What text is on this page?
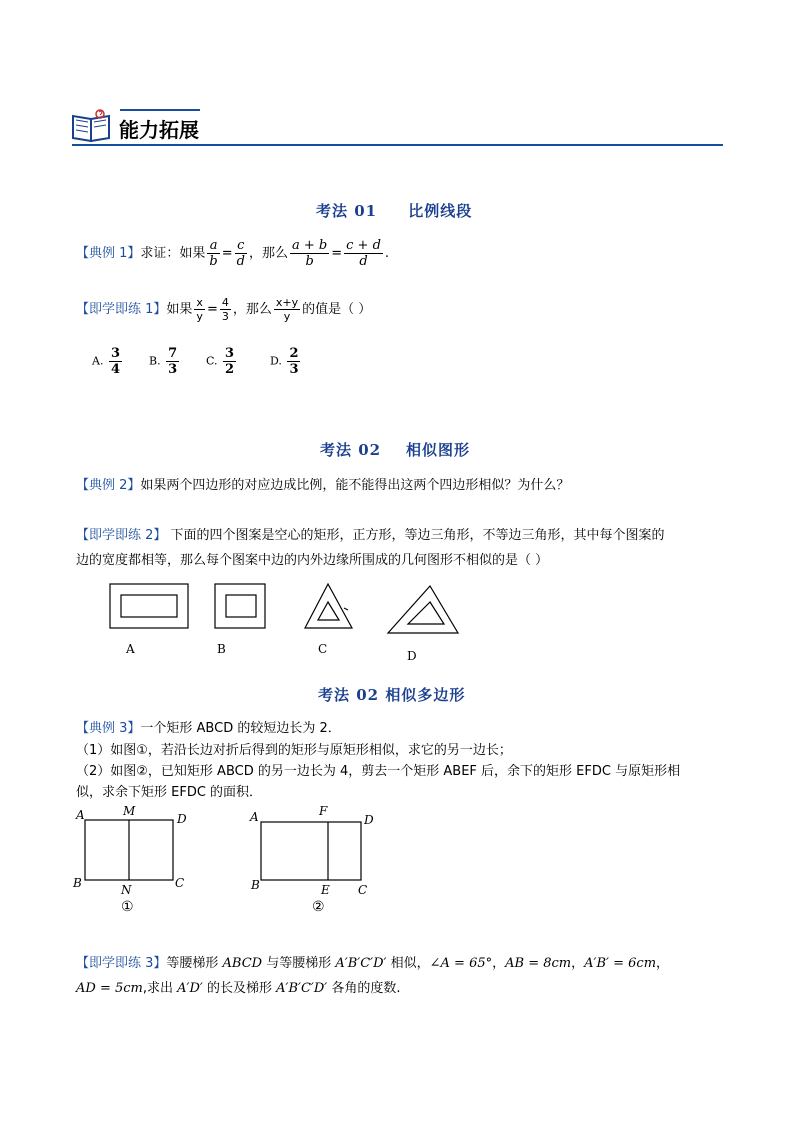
能力拓展
考法 01     比例线段
【典例 1】求证：如果 $\frac{a}{b} = \frac{c}{d}$ ，那么 $\frac{a + b}{b} = \frac{c + d}{d}$ .
【即学即练 1】如果 $\frac{x}{y} = \frac{4}{3}$ ，那么 $\frac{x+y}{y}$ 的值是（ ）
A. $\frac{3}{4} B$. $\frac{7}{3} C$. $\frac{3}{2}$	D. $\frac{2}{3}$
考法 02    相似图形
【典例 2】如果两个四边形的对应边成比例，能不能得出这两个四边形相似？为什么？
【即学即练 2】 下面的四个图案是空心的矩形，正方形，等边三角形，不等边三角形，其中每个图案的
边的宽度都相等，那么每个图案中边的内外边缘所围成的几何图形不相似的是（ ）
A	B	C	D
考法 02 相似多边形
【典例 3】一个矩形 ABCD 的较短边长为 2．
（1）如图①，若沿长边对折后得到的矩形与原矩形相似，求它的另一边长；
（2）如图②，已知矩形 ABCD 的另一边长为 4，剪去一个矩形 ABEF 后，余下的矩形 EFDC 与原矩形相
似，求余下矩形 EFDC 的面积．
A	M
D
B	N	C
①
A	F
D
B	E C
②
【即学即练 3】等腰梯形 ABCD 与等腰梯形 A′B′C′D′ 相似，∠A = 65°，AB = 8cm，A′B′ = 6cm，
AD = 5cm,求出 A′D′ 的长及梯形 A′B′C′D′ 各角的度数.
